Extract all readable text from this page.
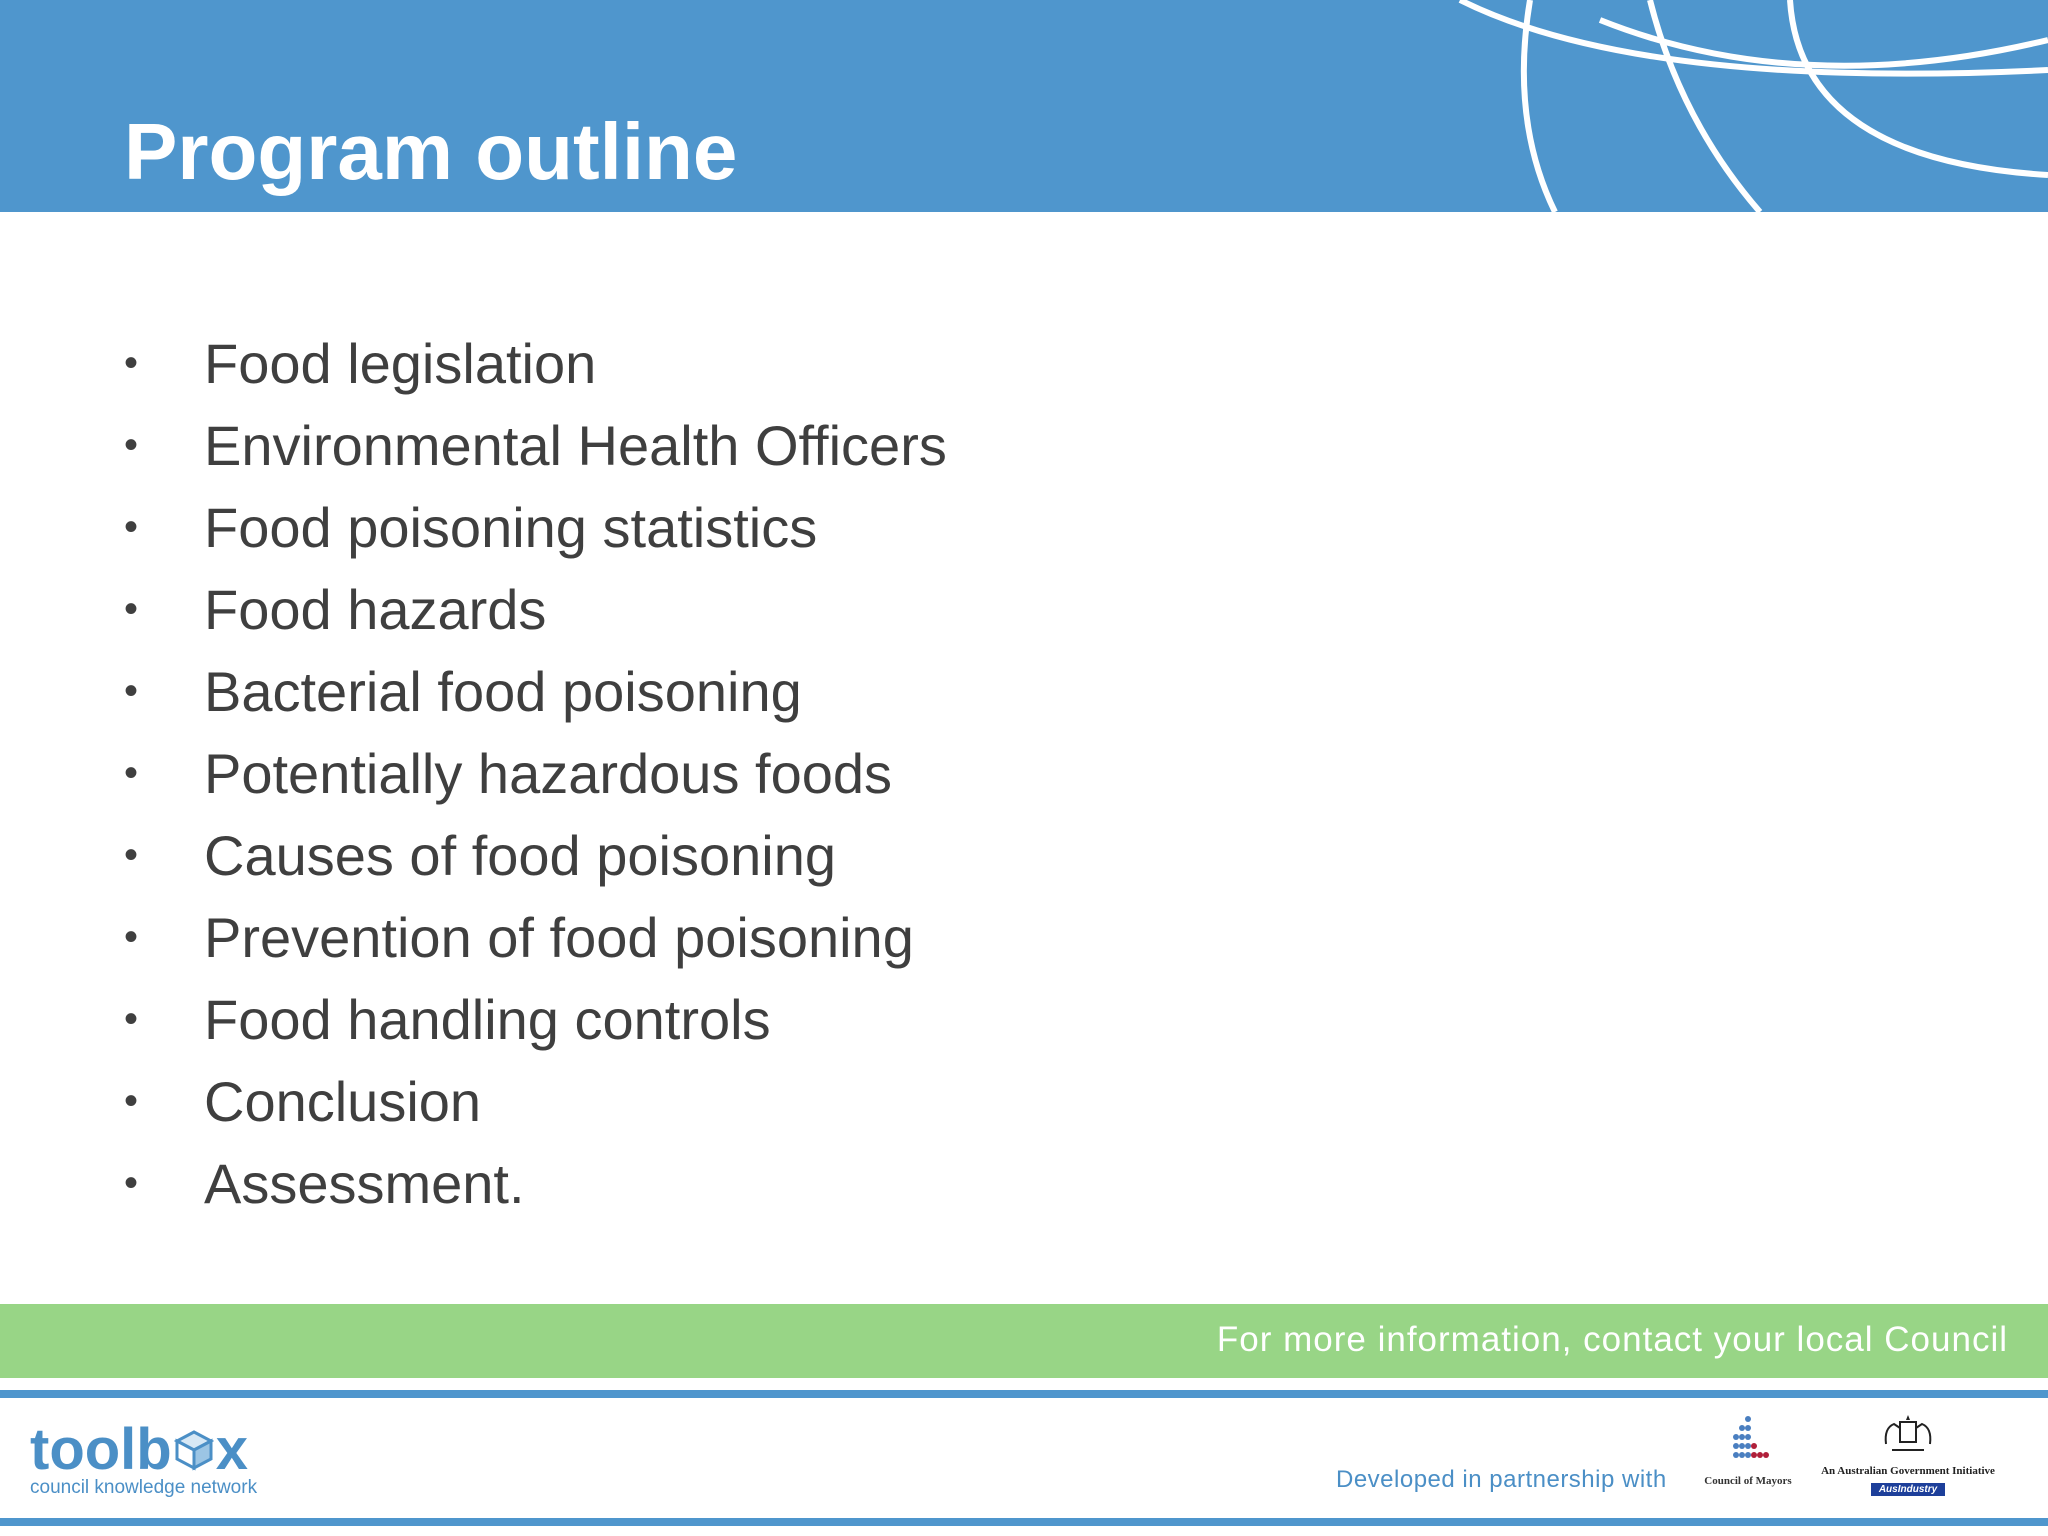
Program outline
•	Food legislation
•	Environmental Health Officers
•	Food poisoning statistics
•	Food hazards
•	Bacterial food poisoning
•	Potentially hazardous foods
•	Causes of food poisoning
•	Prevention of food poisoning
•	Food handling controls
•	Conclusion
•	Assessment.
For more information, contact your local Council
toolb x
council knowledge network	Developed in partnership with	Council of Mayors
An Australian Government Initiative
AusIndustry
